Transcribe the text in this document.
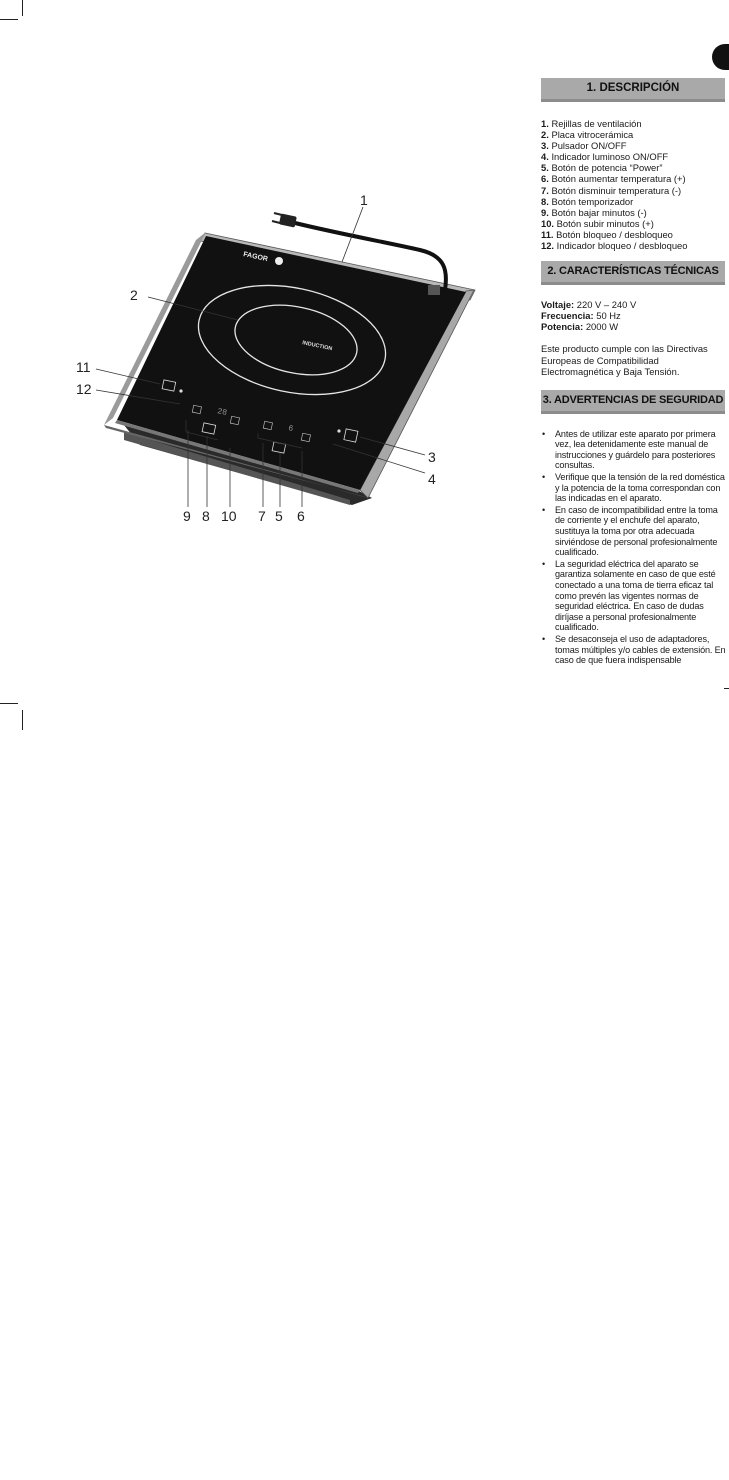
INDUCTION
FAGOR
28
6
1
2
3
4
11
12
9 8 10 7 5 6
1. DESCRIPCIÓN
1. Rejillas de ventilación
2. Placa vitrocerámica
3. Pulsador ON/OFF
4. Indicador luminoso ON/OFF
5. Botón de potencia “Power”
6. Botón aumentar temperatura (+)
7. Botón disminuir temperatura (-)
8. Botón temporizador
9. Botón bajar minutos (-)
10. Botón subir minutos (+)
11. Botón bloqueo / desbloqueo
12. Indicador bloqueo / desbloqueo
2. CARACTERÍSTICAS TÉCNICAS
Voltaje: 220 V – 240 V
Frecuencia: 50 Hz
Potencia: 2000 W
Este producto cumple con las Directivas Europeas de Compatibilidad Electromagnética y Baja Tensión.
3. ADVERTENCIAS DE SEGURIDAD
• Antes de utilizar este aparato por primera vez, lea detenidamente este manual de instrucciones y guárdelo para posteriores consultas.
• Verifique que la tensión de la red doméstica y la potencia de la toma correspondan con las indicadas en el aparato.
• En caso de incompatibilidad entre la toma de corriente y el enchufe del aparato, sustituya la toma por otra adecuada sirviéndose de personal profesionalmente cualificado.
• La seguridad eléctrica del aparato se garantiza solamente en caso de que esté conectado a una toma de tierra eficaz tal como prevén las vigentes normas de seguridad eléctrica. En caso de dudas diríjase a personal profesionalmente cualificado.
• Se desaconseja el uso de adaptadores, tomas múltiples y/o cables de extensión. En caso de que fuera indispensable
